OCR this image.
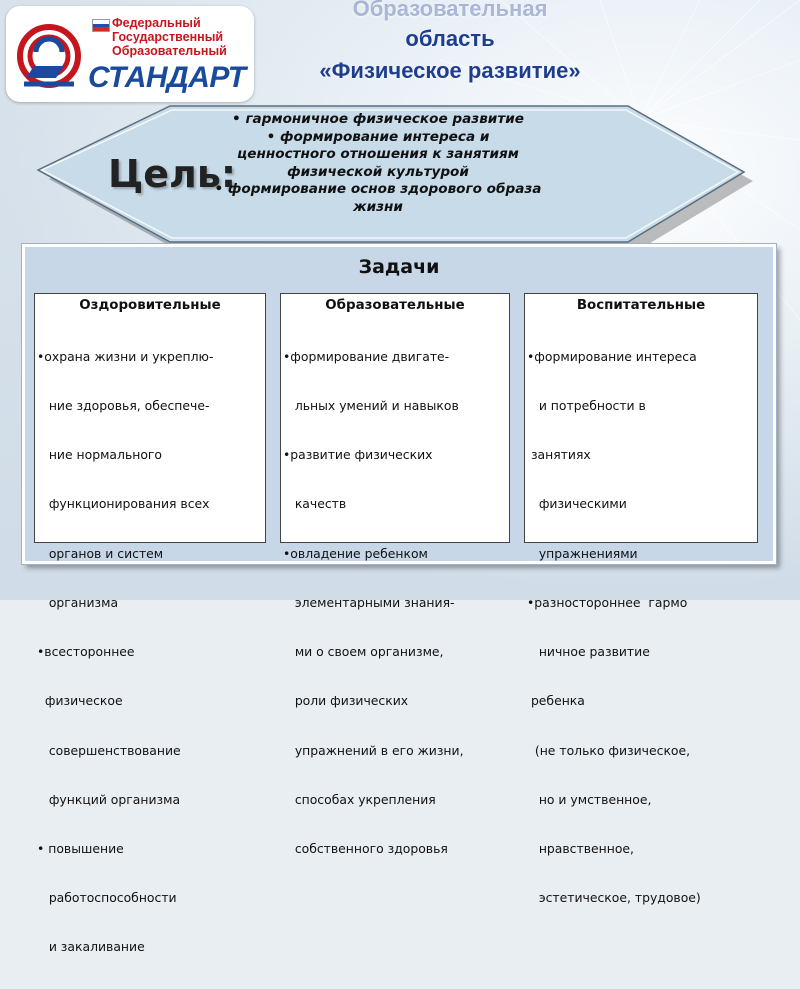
Федеральный
Государственный
Образовательный
СТАНДАРТ
Образовательная
область
«Физическое развитие»
Цель:
• гармоничное физическое развитие
• формирование интереса и
ценностного отношения к занятиям
физической культурой
• формирование основ здорового образа
жизни
Задачи
Оздоровительные

•охрана жизни и укреплю-

ние здоровья, обеспече-

ние нормального

функционирования всех

органов и систем

организма

•всестороннее

физическое

совершенствование

функций организма

• повышение

работоспособности

и закаливание

Образовательные

•формирование двигате-

льных умений и навыков

•развитие физических

качеств

•овладение ребенком

элементарными знания-

ми о своем организме,

роли физических

упражнений в его жизни,

способах укрепления

собственного здоровья

Воспитательные

•формирование интереса

и потребности в

занятиях

физическими

упражнениями

•разностороннее  гармо

ничное развитие

ребенка

(не только физическое,

но и умственное,

нравственное,

эстетическое, трудовое)
